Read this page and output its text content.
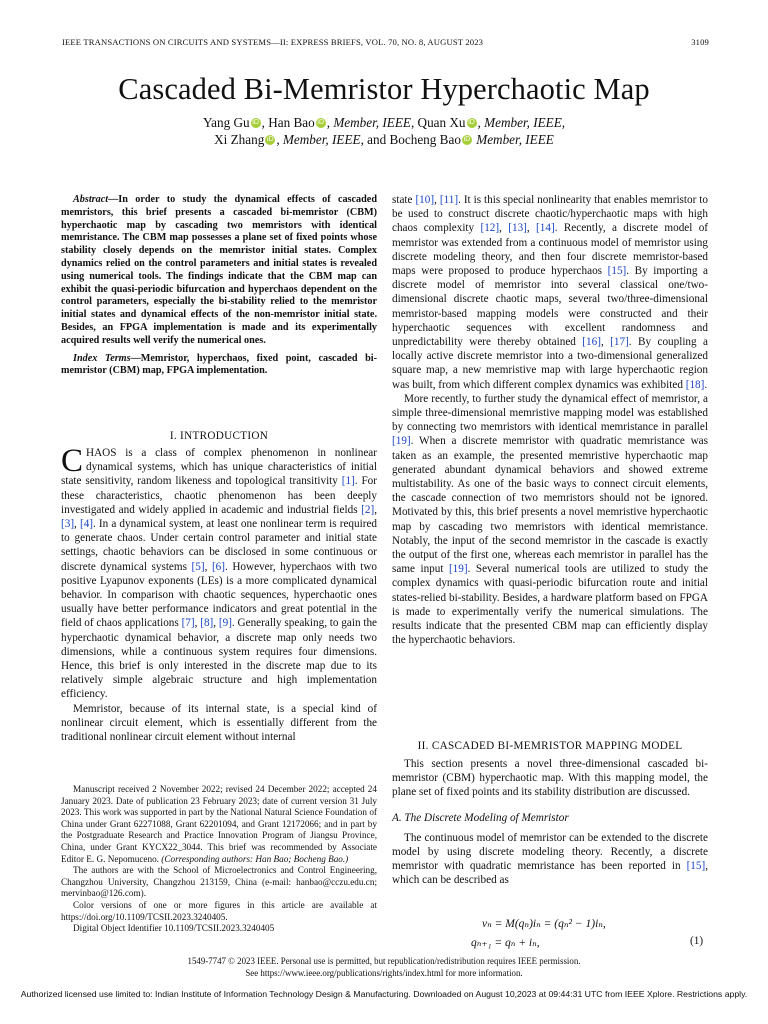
IEEE TRANSACTIONS ON CIRCUITS AND SYSTEMS—II: EXPRESS BRIEFS, VOL. 70, NO. 8, AUGUST 2023	3109
Cascaded Bi-Memristor Hyperchaotic Map
Yang Gu iD , Han Bao iD , Member, IEEE, Quan Xu iD , Member, IEEE,
Xi Zhang iD , Member, IEEE, and Bocheng Bao iD Member, IEEE

Abstract—In order to study the dynamical effects of cascaded memristors, this brief presents a cascaded bi-memristor (CBM) hyperchaotic map by cascading two memristors with identical memristance. The CBM map possesses a plane set of fixed points whose stability closely depends on the memristor initial states. Complex dynamics relied on the control parameters and initial states is revealed using numerical tools. The findings indicate that the CBM map can exhibit the quasi-periodic bifurcation and hyperchaos dependent on the control parameters, especially the bi-stability relied to the memristor initial states and dynamical effects of the non-memristor initial state. Besides, an FPGA implementation is made and its experimentally acquired results well verify the numerical ones.

Index Terms—Memristor, hyperchaos, fixed point, cascaded bi-memristor (CBM) map, FPGA implementation.

I. INTRODUCTION

CHAOS is a class of complex phenomenon in nonlinear dynamical systems, which has unique characteristics of initial state sensitivity, random likeness and topological transitivity [1]. For these characteristics, chaotic phenomenon has been deeply investigated and widely applied in academic and industrial fields [2], [3], [4]. In a dynamical system, at least one nonlinear term is required to generate chaos. Under certain control parameter and initial state settings, chaotic behaviors can be disclosed in some continuous or discrete dynamical systems [5], [6]. However, hyperchaos with two positive Lyapunov exponents (LEs) is a more complicated dynamical behavior. In comparison with chaotic sequences, hyperchaotic ones usually have better performance indicators and great potential in the field of chaos applications [7], [8], [9]. Generally speaking, to gain the hyperchaotic dynamical behavior, a discrete map only needs two dimensions, while a continuous system requires four dimensions. Hence, this brief is only interested in the discrete map due to its relatively simple algebraic structure and high implementation efficiency.

Memristor, because of its internal state, is a special kind of nonlinear circuit element, which is essentially different from the traditional nonlinear circuit element without internal

Manuscript received 2 November 2022; revised 24 December 2022; accepted 24 January 2023. Date of publication 23 February 2023; date of current version 31 July 2023. This work was supported in part by the National Natural Science Foundation of China under Grant 62271088, Grant 62201094, and Grant 12172066; and in part by the Postgraduate Research and Practice Innovation Program of Jiangsu Province, China, under Grant KYCX22_3044. This brief was recommended by Associate Editor E. G. Nepomuceno. (Corresponding authors: Han Bao; Bocheng Bao.)

The authors are with the School of Microelectronics and Control Engineering, Changzhou University, Changzhou 213159, China (e-mail: hanbao@cczu.edu.cn; mervinbao@126.com).

Color versions of one or more figures in this article are available at https://doi.org/10.1109/TCSII.2023.3240405.

Digital Object Identifier 10.1109/TCSII.2023.3240405

state [10], [11]. It is this special nonlinearity that enables memristor to be used to construct discrete chaotic/hyperchaotic maps with high chaos complexity [12], [13], [14]. Recently, a discrete model of memristor was extended from a continuous model of memristor using discrete modeling theory, and then four discrete memristor-based maps were proposed to produce hyperchaos [15]. By importing a discrete model of memristor into several classical one/two-dimensional discrete chaotic maps, several two/three-dimensional memristor-based mapping models were constructed and their hyperchaotic sequences with excellent randomness and unpredictability were thereby obtained [16], [17]. By coupling a locally active discrete memristor into a two-dimensional generalized square map, a new memristive map with large hyperchaotic region was built, from which different complex dynamics was exhibited [18].

More recently, to further study the dynamical effect of memristor, a simple three-dimensional memristive mapping model was established by connecting two memristors with identical memristance in parallel [19]. When a discrete memristor with quadratic memristance was taken as an example, the presented memristive hyperchaotic map generated abundant dynamical behaviors and showed extreme multistability. As one of the basic ways to connect circuit elements, the cascade connection of two memristors should not be ignored. Motivated by this, this brief presents a novel memristive hyperchaotic map by cascading two memristors with identical memristance. Notably, the input of the second memristor in the cascade is exactly the output of the first one, whereas each memristor in parallel has the same input [19]. Several numerical tools are utilized to study the complex dynamics with quasi-periodic bifurcation route and initial states-relied bi-stability. Besides, a hardware platform based on FPGA is made to experimentally verify the numerical simulations. The results indicate that the presented CBM map can efficiently display the hyperchaotic behaviors.

II. CASCADED BI-MEMRISTOR MAPPING MODEL

This section presents a novel three-dimensional cascaded bi-memristor (CBM) hyperchaotic map. With this mapping model, the plane set of fixed points and its stability distribution are discussed.

A. The Discrete Modeling of Memristor

The continuous model of memristor can be extended to the discrete model by using discrete modeling theory. Recently, a discrete memristor with quadratic memristance has been reported in [15], which can be described as

vₙ = M(qₙ)iₙ = (qₙ² − 1)iₙ,
qₙ₊₁ = qₙ + iₙ,	(1)
1549-7747 © 2023 IEEE. Personal use is permitted, but republication/redistribution requires IEEE permission.
See https://www.ieee.org/publications/rights/index.html for more information.
Authorized licensed use limited to: Indian Institute of Information Technology Design & Manufacturing. Downloaded on August 10,2023 at 09:44:31 UTC from IEEE Xplore. Restrictions apply.
